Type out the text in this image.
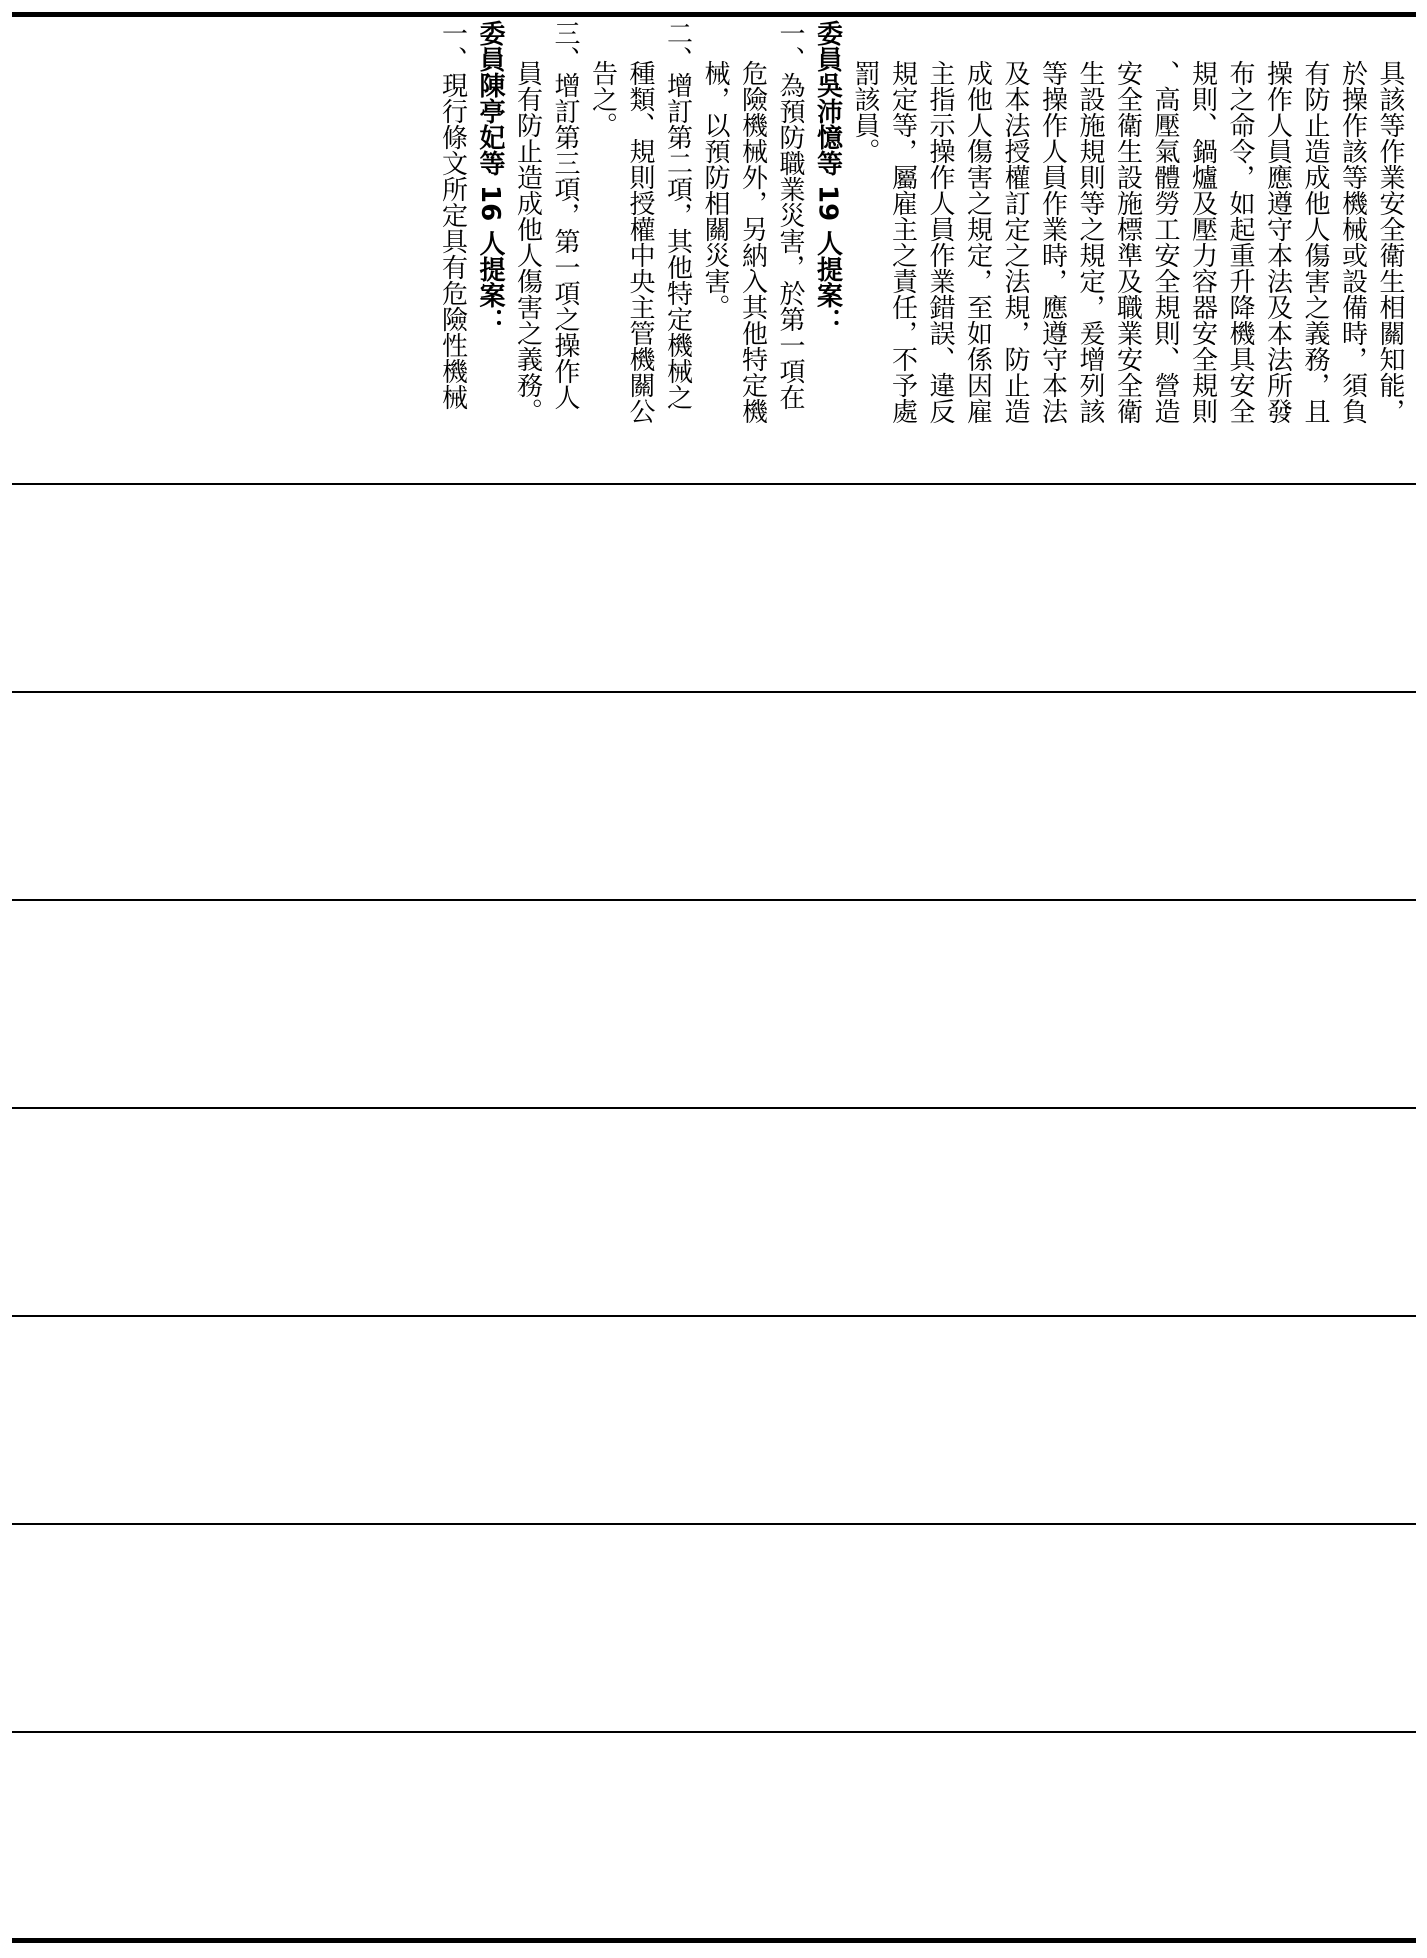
具該等作業安全衛生相關知能，
於操作該等機械或設備時，須負
有防止造成他人傷害之義務，且
操作人員應遵守本法及本法所發
布之命令，如起重升降機具安全
規則、鍋爐及壓力容器安全規則
、高壓氣體勞工安全規則、營造
安全衛生設施標準及職業安全衛
生設施規則等之規定，爰增列該
等操作人員作業時，應遵守本法
及本法授權訂定之法規，防止造
成他人傷害之規定，至如係因雇
主指示操作人員作業錯誤、違反
規定等，屬雇主之責任，不予處
罰該員。
委員吳沛憶等 19 人提案：
一、為預防職業災害，於第一項在
危險機械外，另納入其他特定機
械，以預防相關災害。
二、增訂第二項，其他特定機械之
種類、規則授權中央主管機關公
告之。
三、增訂第三項，第一項之操作人
員有防止造成他人傷害之義務。
委員陳亭妃等 16 人提案：
一、現行條文所定具有危險性機械
